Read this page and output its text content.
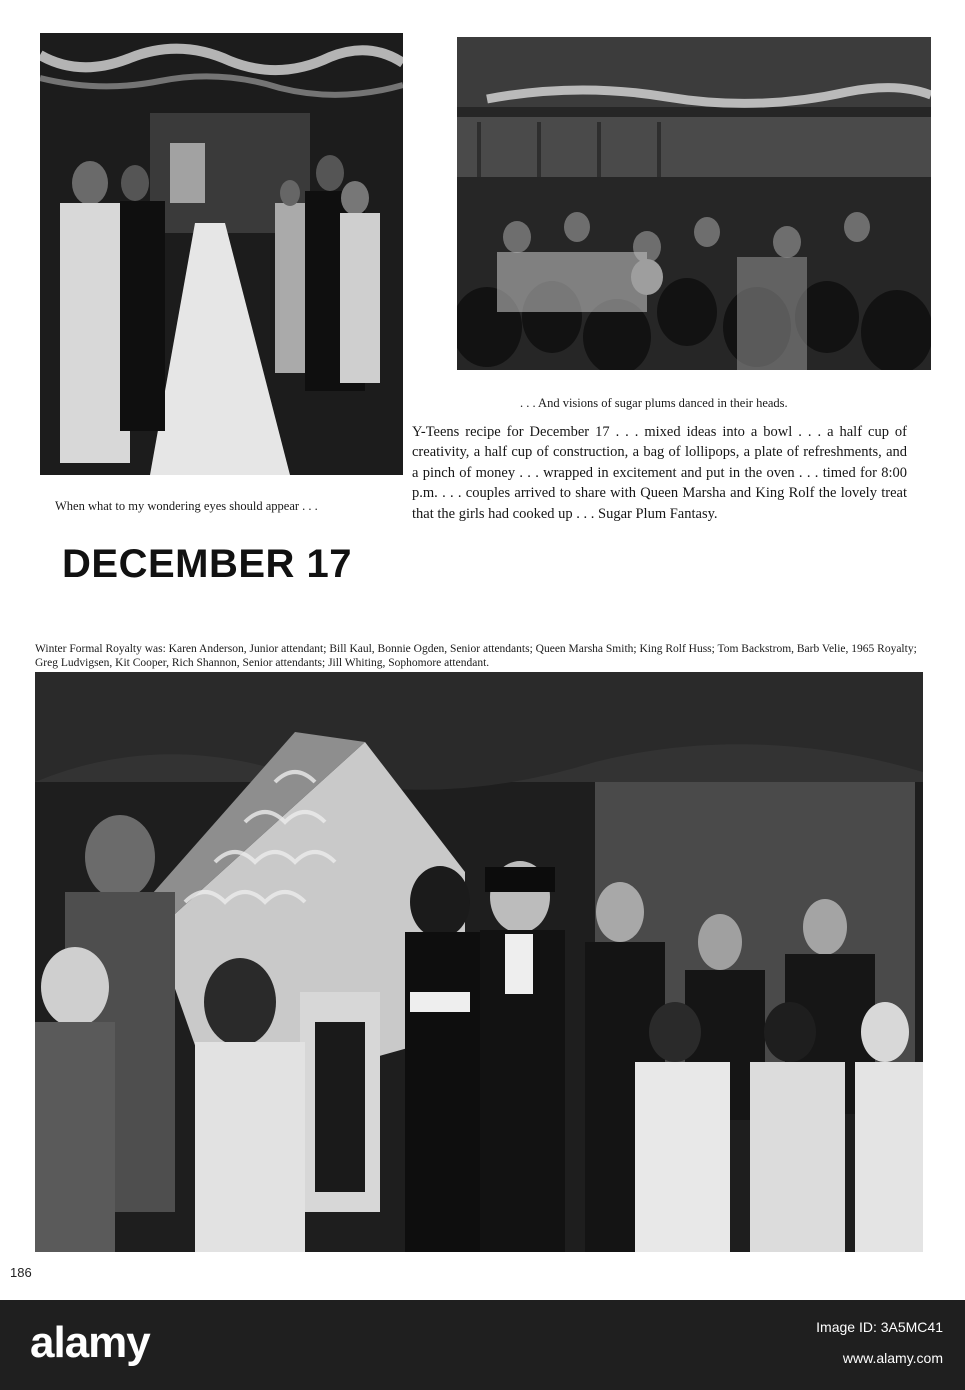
When what to my wondering eyes should appear . . .

. . . And visions of sugar plums danced in their heads.

Y-Teens recipe for December 17 . . . mixed ideas into a bowl . . . a half cup of creativity, a half cup of construction, a bag of lollipops, a plate of refreshments, and a pinch of money . . . wrapped in excitement and put in the oven . . . timed for 8:00 p.m. . . . couples arrived to share with Queen Marsha and King Rolf the lovely treat that the girls had cooked up . . . Sugar Plum Fantasy.

DECEMBER 17

Winter Formal Royalty was: Karen Anderson, Junior attendant; Bill Kaul, Bonnie Ogden, Senior attendants; Queen Marsha Smith; King Rolf Huss; Tom Backstrom, Barb Velie, 1965 Royalty; Greg Ludvigsen, Kit Cooper, Rich Shannon, Senior attendants; Jill Whiting, Sophomore attendant.

186
alamy	Image ID: 3A5MC41
www.alamy.com
